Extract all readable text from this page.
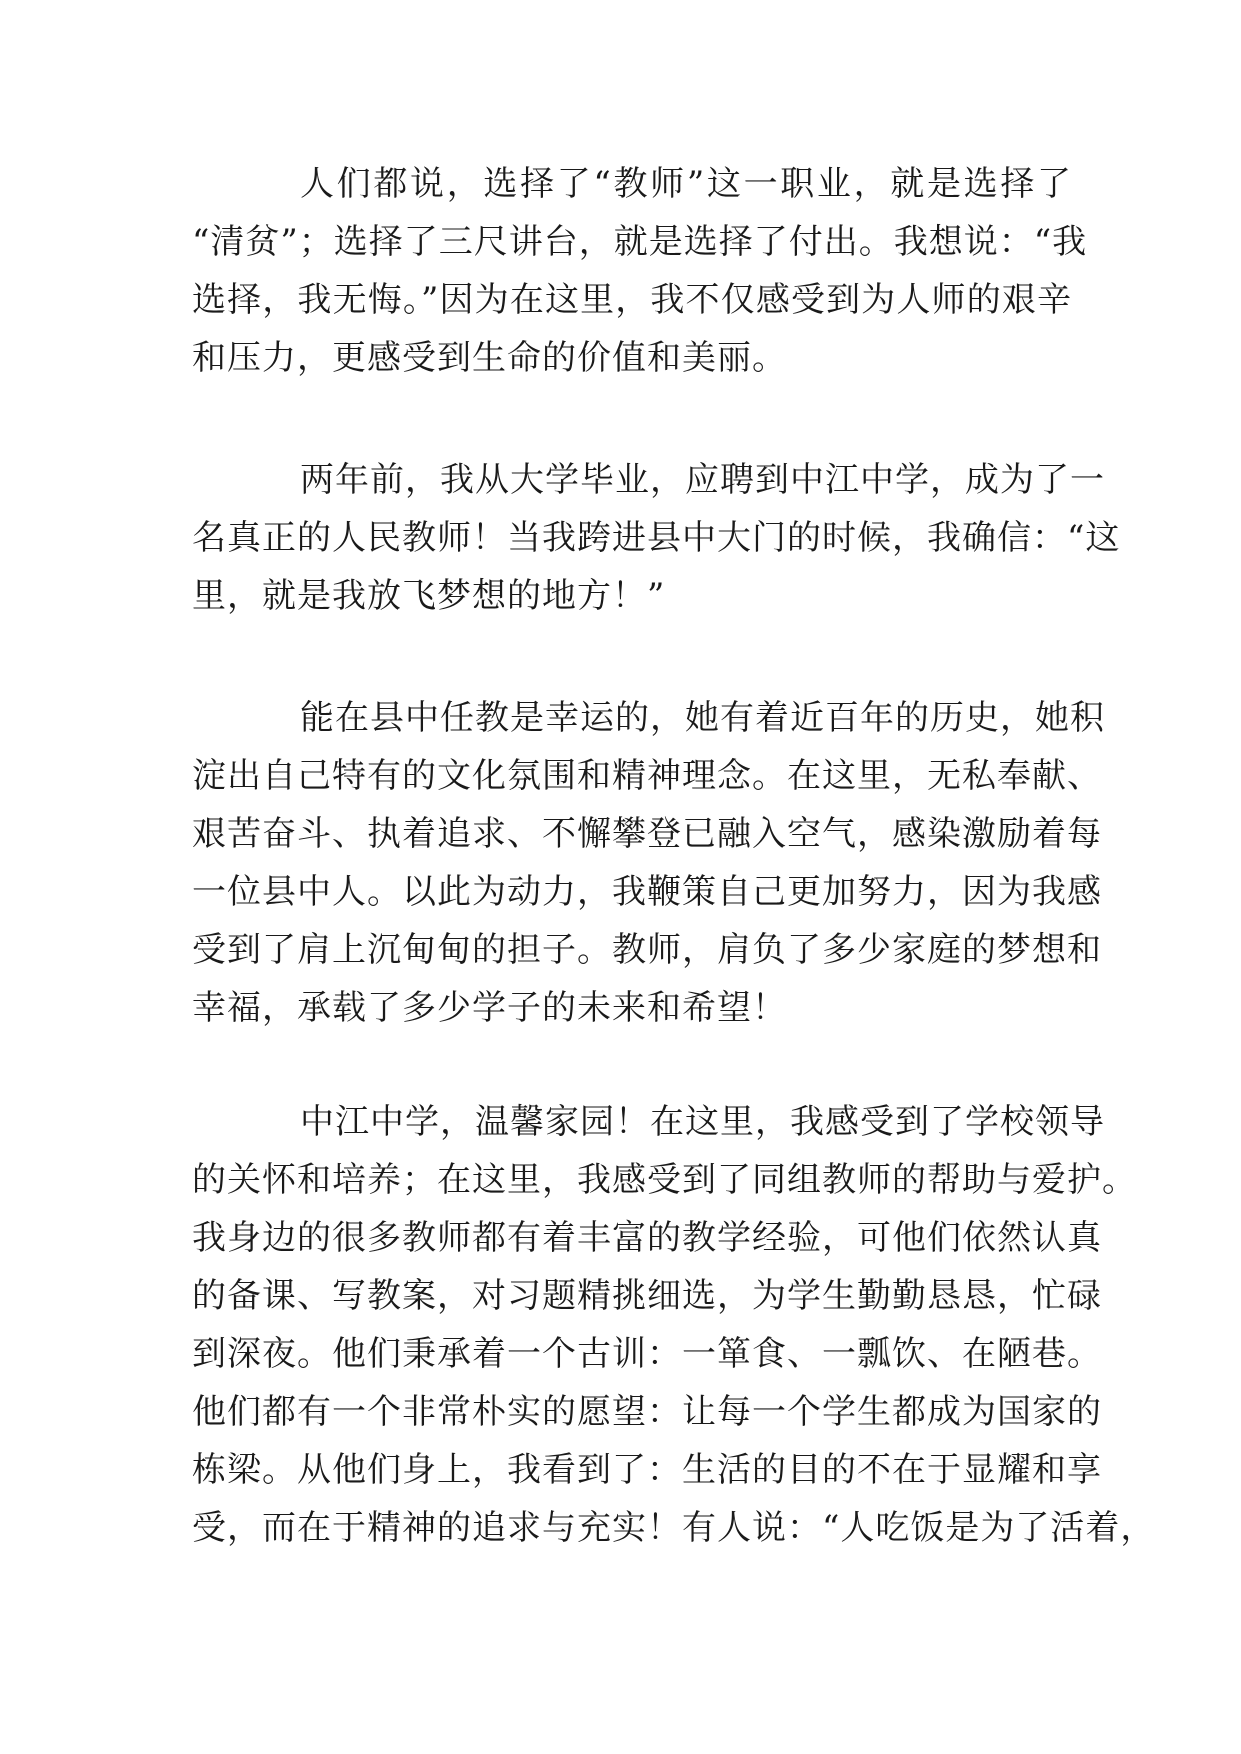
人们都说，选择了“教师”这一职业，就是选择了
“清贫”；选择了三尺讲台，就是选择了付出。我想说：“我
选择，我无悔。”因为在这里，我不仅感受到为人师的艰辛
和压力，更感受到生命的价值和美丽。
两年前，我从大学毕业，应聘到中江中学，成为了一
名真正的人民教师！当我跨进县中大门的时候，我确信：“这
里，就是我放飞梦想的地方！”
能在县中任教是幸运的，她有着近百年的历史，她积
淀出自己特有的文化氛围和精神理念。在这里，无私奉献、
艰苦奋斗、执着追求、不懈攀登已融入空气，感染激励着每
一位县中人。以此为动力，我鞭策自己更加努力，因为我感
受到了肩上沉甸甸的担子。教师，肩负了多少家庭的梦想和
幸福，承载了多少学子的未来和希望！
中江中学，温馨家园！在这里，我感受到了学校领导
的关怀和培养；在这里，我感受到了同组教师的帮助与爱护。
我身边的很多教师都有着丰富的教学经验，可他们依然认真
的备课、写教案，对习题精挑细选，为学生勤勤恳恳，忙碌
到深夜。他们秉承着一个古训：一箪食、一瓢饮、在陋巷。
他们都有一个非常朴实的愿望：让每一个学生都成为国家的
栋梁。从他们身上，我看到了：生活的目的不在于显耀和享
受，而在于精神的追求与充实！有人说：“人吃饭是为了活着，
